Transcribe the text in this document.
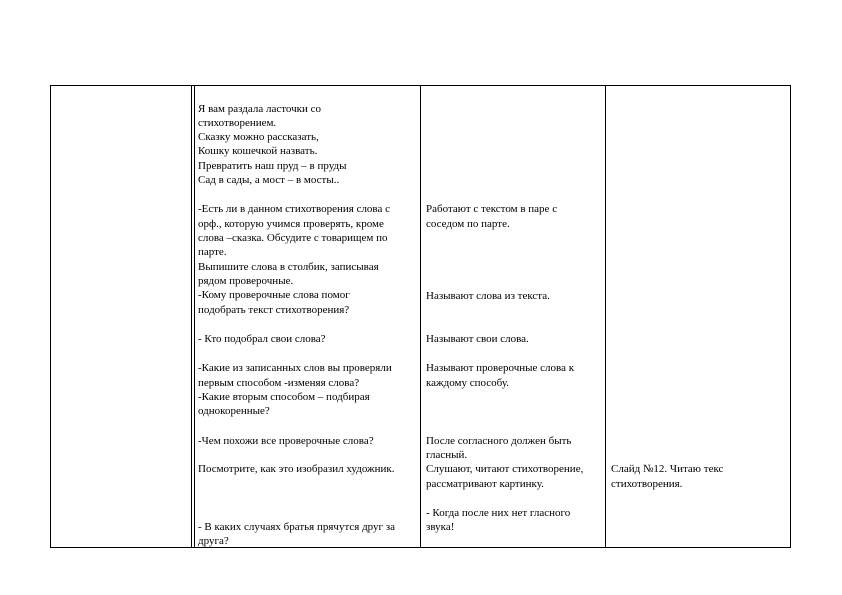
Я вам раздала ласточки со
стихотворением.
Сказку можно рассказать,
Кошку кошечкой назвать.
Превратить наш пруд – в пруды
Сад в сады, а мост – в мосты..
-Есть ли в данном стихотворения слова с
орф., которую учимся проверять, кроме
слова –сказка. Обсудите с товарищем по
парте.
Выпишите слова в столбик, записывая
рядом проверочные.
-Кому проверочные слова помог
подобрать текст стихотворения?
- Кто подобрал свои слова?
-Какие из записанных слов вы проверяли
первым способом -изменяя слова?
-Какие вторым способом – подбирая
однокоренные?
-Чем похожи все проверочные слова?
Посмотрите, как это изобразил художник.
- В каких случаях братья прячутся друг за
друга?
Работают с текстом в паре с
соседом по парте.
Называют слова из текста.
Называют свои слова.
Называют проверочные слова к
каждому способу.
После согласного должен быть
гласный.
Слушают, читают стихотворение,
рассматривают картинку.
- Когда после них нет гласного
звука!
Слайд №12. Читаю текс
стихотворения.
